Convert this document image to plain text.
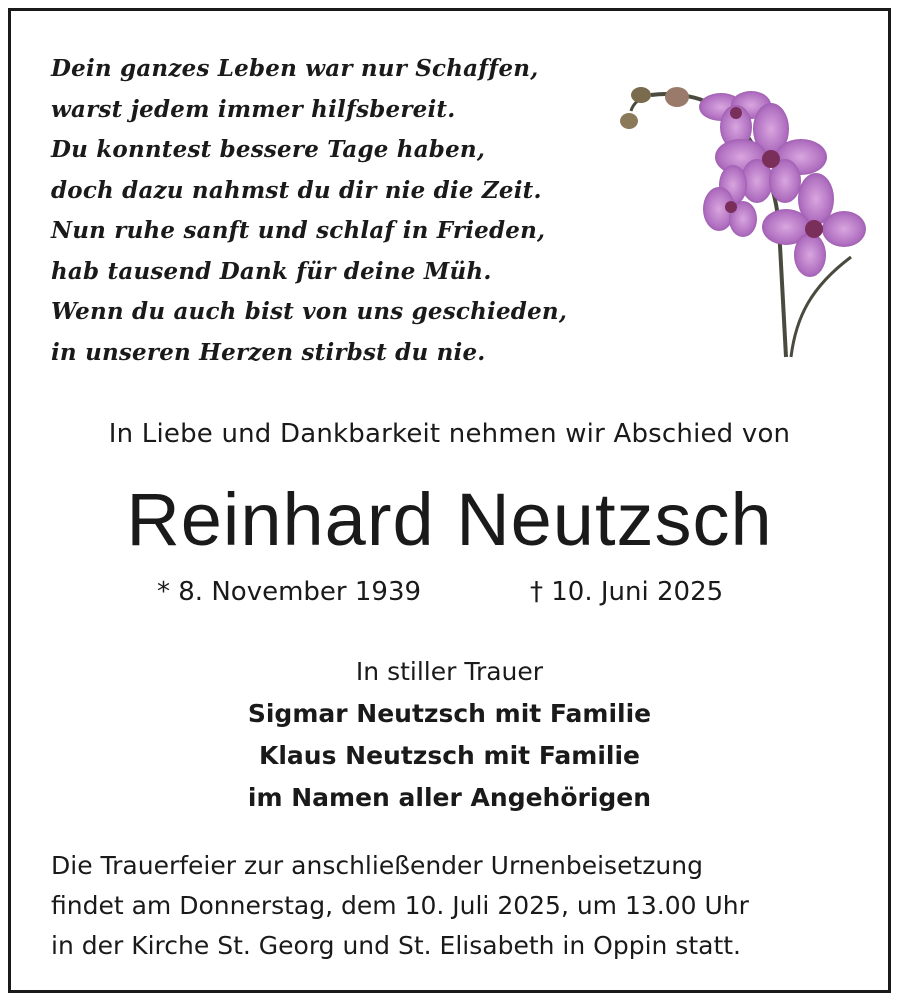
Dein ganzes Leben war nur Schaffen,
warst jedem immer hilfsbereit.
Du konntest bessere Tage haben,
doch dazu nahmst du dir nie die Zeit.
Nun ruhe sanft und schlaf in Frieden,
hab tausend Dank für deine Müh.
Wenn du auch bist von uns geschieden,
in unseren Herzen stirbst du nie.
In Liebe und Dankbarkeit nehmen wir Abschied von
Reinhard Neutzsch
* 8. November 1939	† 10. Juni 2025
In stiller Trauer
Sigmar Neutzsch mit Familie
Klaus Neutzsch mit Familie
im Namen aller Angehörigen
Die Trauerfeier zur anschließender Urnenbeisetzung
findet am Donnerstag, dem 10. Juli 2025, um 13.00 Uhr
in der Kirche St. Georg und St. Elisabeth in Oppin statt.
